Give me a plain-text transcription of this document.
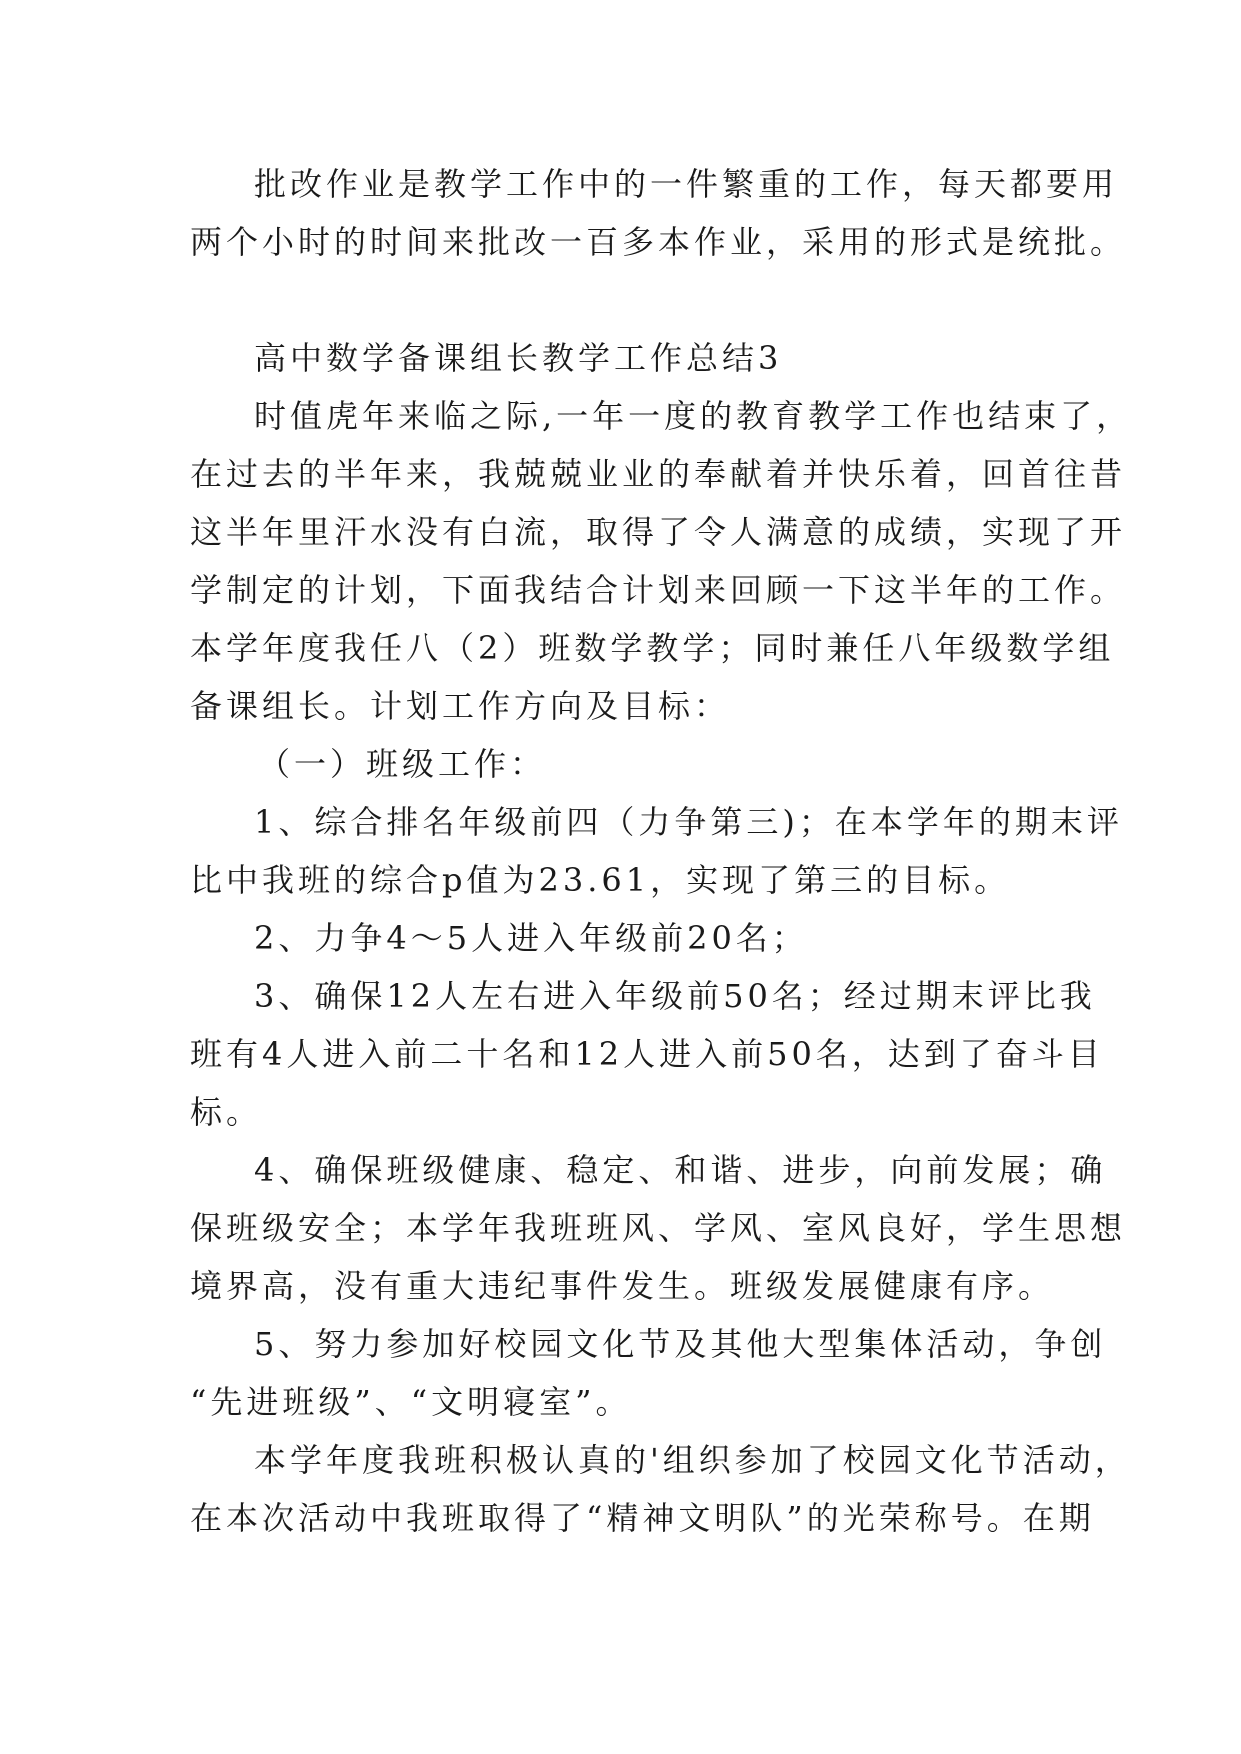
批改作业是教学工作中的一件繁重的工作，每天都要用
两个小时的时间来批改一百多本作业，采用的形式是统批。
高中数学备课组长教学工作总结3
时值虎年来临之际,一年一度的教育教学工作也结束了，
在过去的半年来，我兢兢业业的奉献着并快乐着，回首往昔
这半年里汗水没有白流，取得了令人满意的成绩，实现了开
学制定的计划，下面我结合计划来回顾一下这半年的工作。
本学年度我任八（2）班数学教学；同时兼任八年级数学组
备课组长。计划工作方向及目标：
（一）班级工作：
1、综合排名年级前四（力争第三)；在本学年的期末评
比中我班的综合p值为23.61，实现了第三的目标。
2、力争4～5人进入年级前20名；
3、确保12人左右进入年级前50名；经过期末评比我
班有4人进入前二十名和12人进入前50名，达到了奋斗目
标。
4、确保班级健康、稳定、和谐、进步，向前发展；确
保班级安全；本学年我班班风、学风、室风良好，学生思想
境界高，没有重大违纪事件发生。班级发展健康有序。
5、努力参加好校园文化节及其他大型集体活动，争创
“先进班级”、“文明寝室”。
本学年度我班积极认真的'组织参加了校园文化节活动，
在本次活动中我班取得了“精神文明队”的光荣称号。在期
